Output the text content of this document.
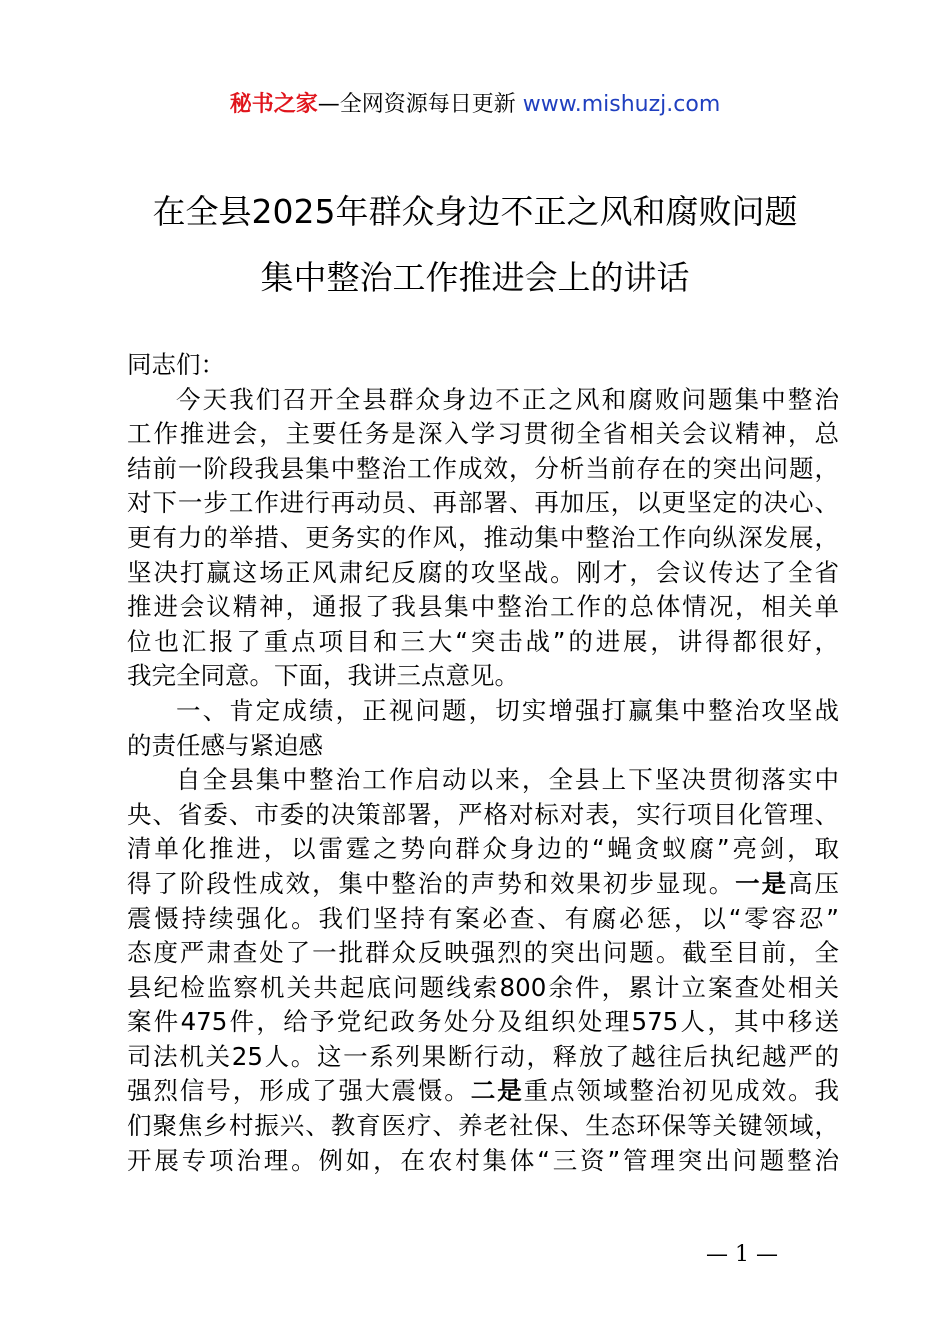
秘书之家—全网资源每日更新 www.mishuzj.com
在全县2025年群众身边不正之风和腐败问题
集中整治工作推进会上的讲话
同志们：
今天我们召开全县群众身边不正之风和腐败问题集中整治
工作推进会，主要任务是深入学习贯彻全省相关会议精神，总
结前一阶段我县集中整治工作成效，分析当前存在的突出问题，
对下一步工作进行再动员、再部署、再加压，以更坚定的决心、
更有力的举措、更务实的作风，推动集中整治工作向纵深发展，
坚决打赢这场正风肃纪反腐的攻坚战。刚才，会议传达了全省
推进会议精神，通报了我县集中整治工作的总体情况，相关单
位也汇报了重点项目和三大“突击战”的进展，讲得都很好，
我完全同意。下面，我讲三点意见。
一、肯定成绩，正视问题，切实增强打赢集中整治攻坚战
的责任感与紧迫感
自全县集中整治工作启动以来，全县上下坚决贯彻落实中
央、省委、市委的决策部署，严格对标对表，实行项目化管理、
清单化推进，以雷霆之势向群众身边的“蝇贪蚁腐”亮剑，取
得了阶段性成效，集中整治的声势和效果初步显现。一是高压
震慑持续强化。我们坚持有案必查、有腐必惩，以“零容忍”
态度严肃查处了一批群众反映强烈的突出问题。截至目前，全
县纪检监察机关共起底问题线索800余件，累计立案查处相关
案件475件，给予党纪政务处分及组织处理575人，其中移送
司法机关25人。这一系列果断行动，释放了越往后执纪越严的
强烈信号，形成了强大震慑。二是重点领域整治初见成效。我
们聚焦乡村振兴、教育医疗、养老社保、生态环保等关键领域，
开展专项治理。例如，在农村集体“三资”管理突出问题整治
— 1 —
